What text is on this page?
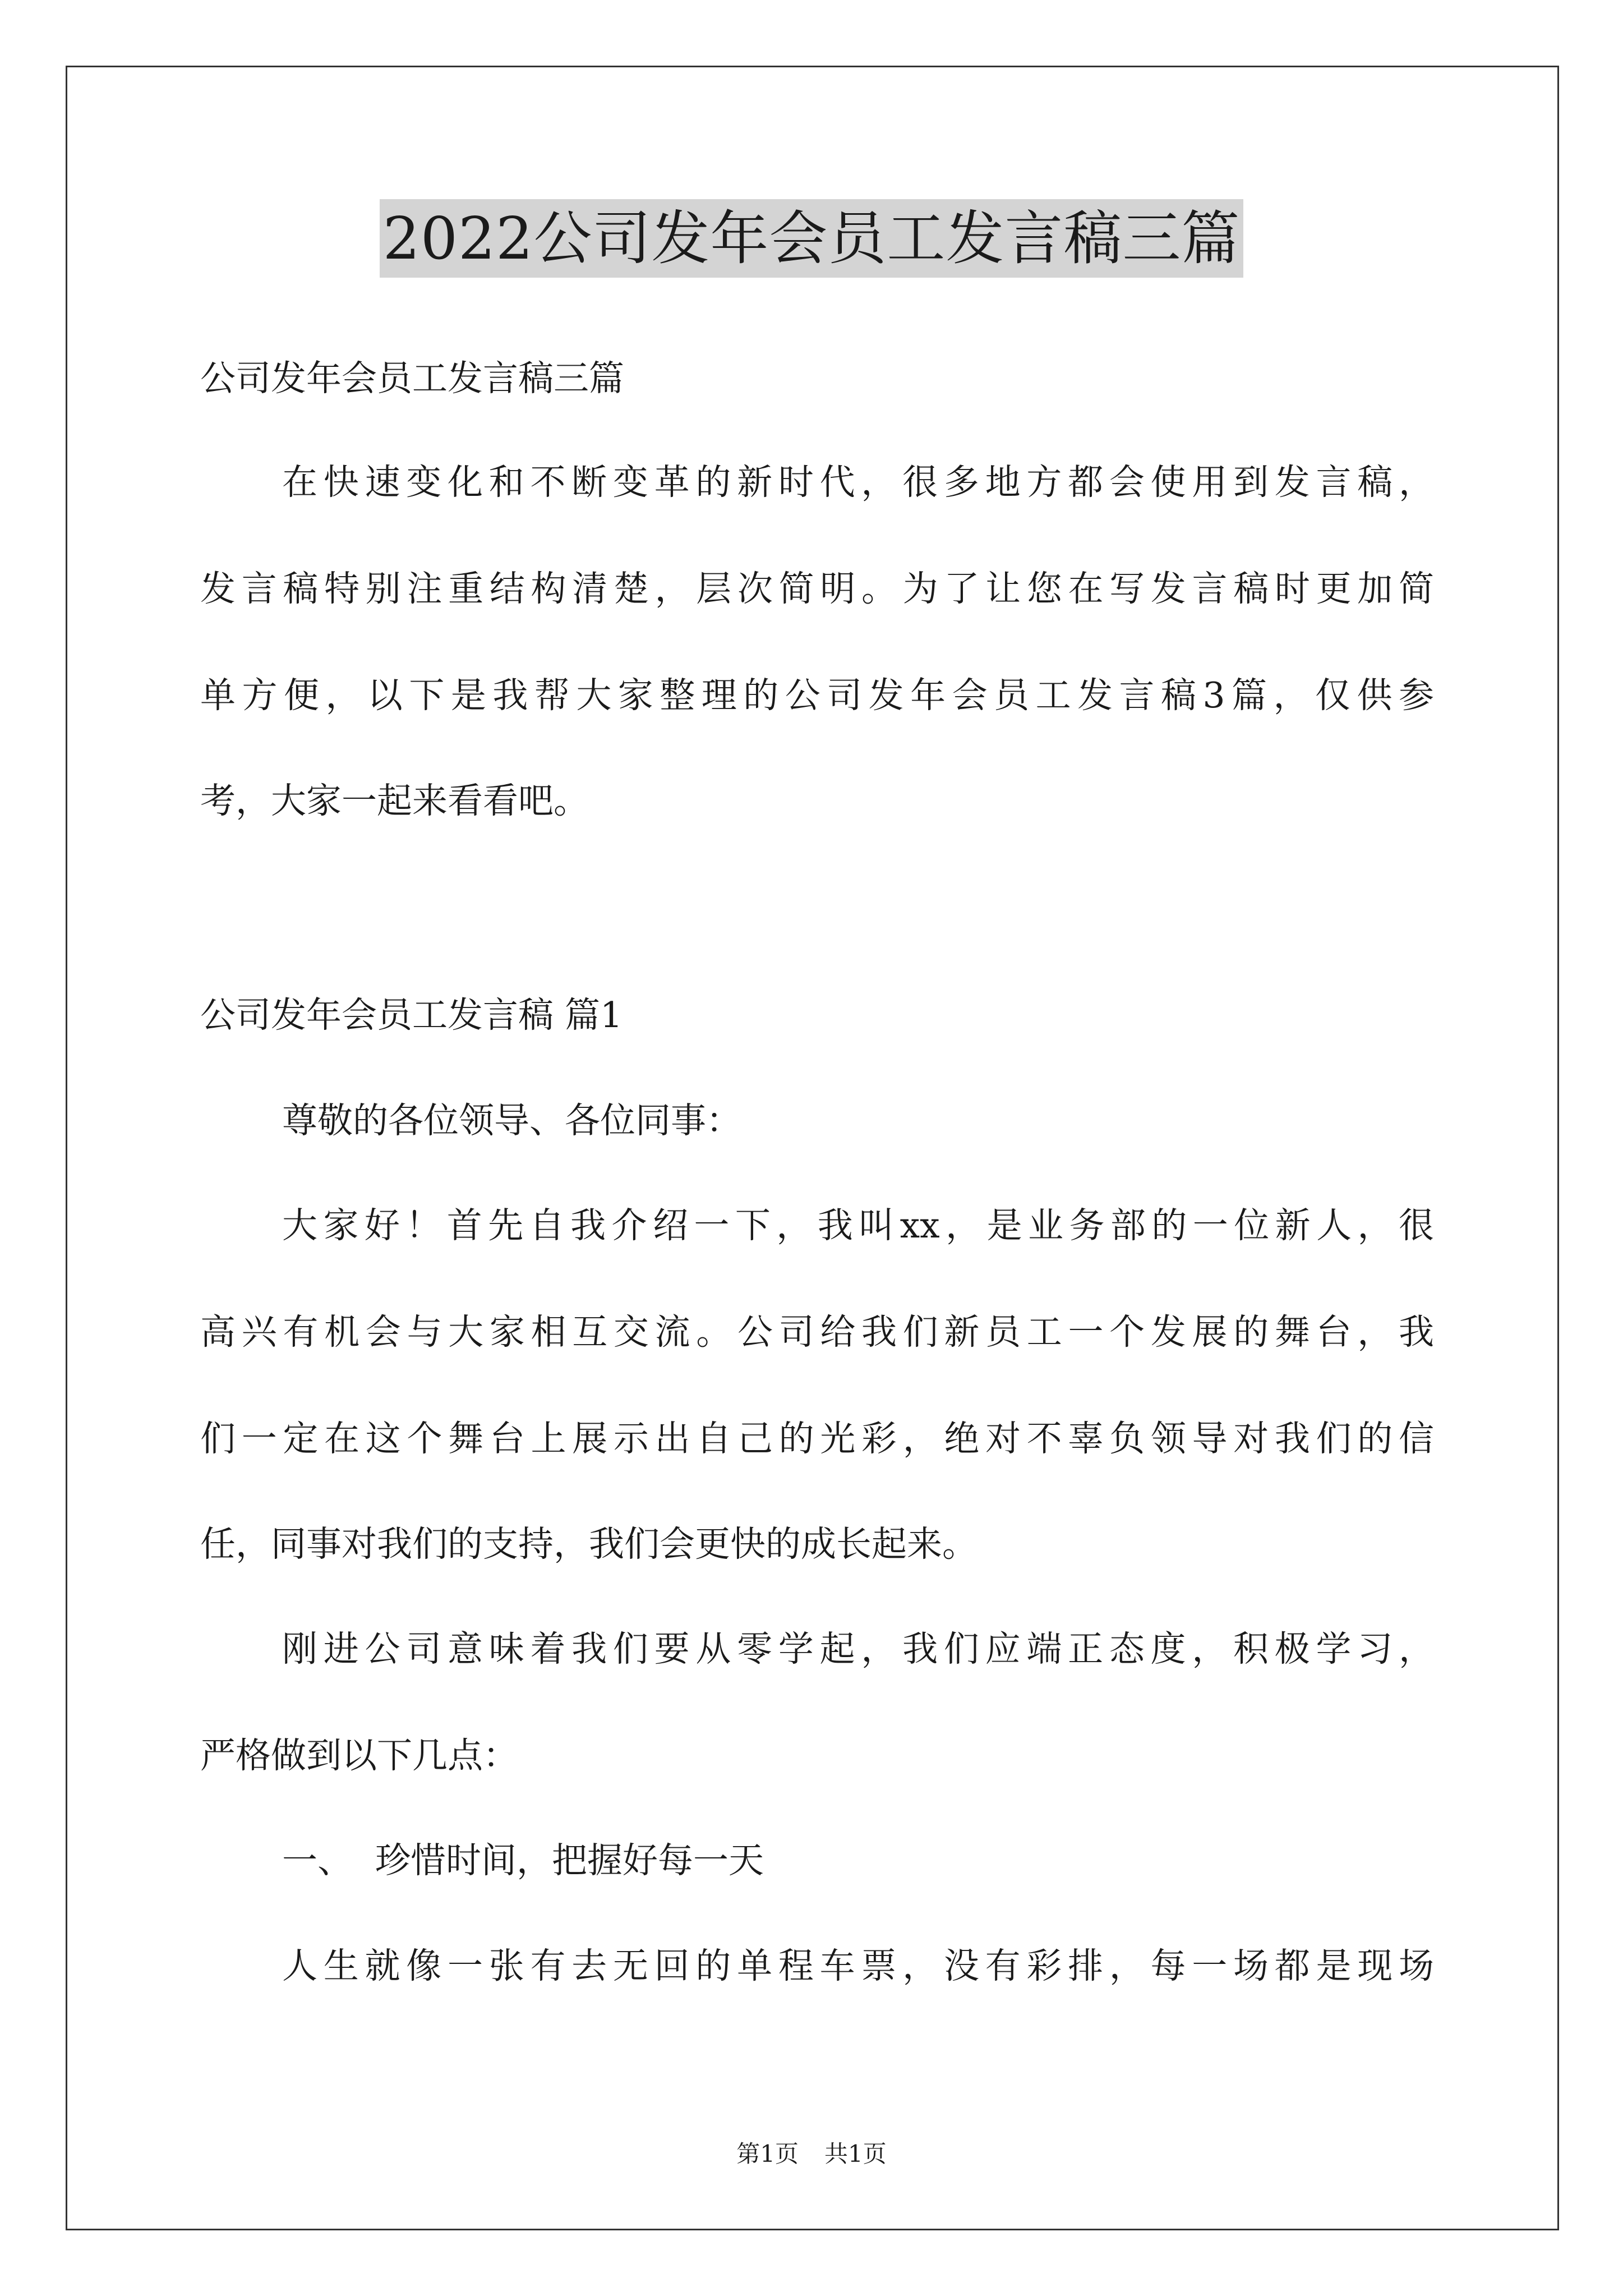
2022公司发年会员工发言稿三篇
公司发年会员工发言稿三篇
在快速变化和不断变革的新时代，很多地方都会使用到发言稿，
发言稿特别注重结构清楚，层次简明。为了让您在写发言稿时更加简
单方便，以下是我帮大家整理的公司发年会员工发言稿3篇，仅供参
考，大家一起来看看吧。
公司发年会员工发言稿 篇1
尊敬的各位领导、各位同事：
大家好！首先自我介绍一下，我叫xx，是业务部的一位新人，很
高兴有机会与大家相互交流。公司给我们新员工一个发展的舞台，我
们一定在这个舞台上展示出自己的光彩，绝对不辜负领导对我们的信
任，同事对我们的支持，我们会更快的成长起来。
刚进公司意味着我们要从零学起，我们应端正态度，积极学习，
严格做到以下几点：
一、  珍惜时间，把握好每一天
人生就像一张有去无回的单程车票，没有彩排，每一场都是现场
第1页 共1页
